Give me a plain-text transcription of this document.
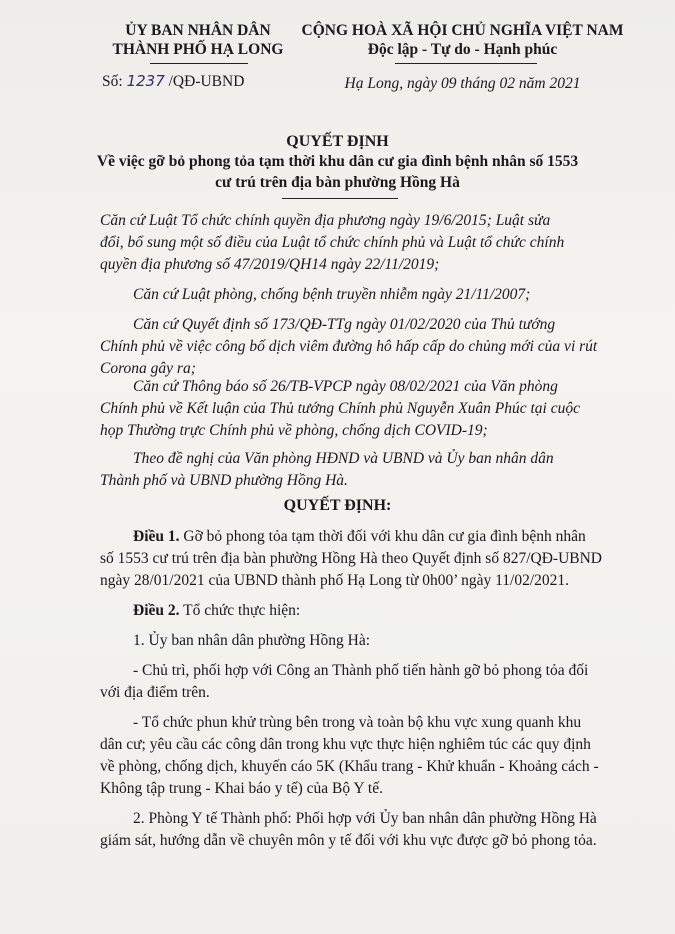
ỦY BAN NHÂN DÂN
THÀNH PHỐ HẠ LONG
Số: 1237 /QĐ-UBND
CỘNG HOÀ XÃ HỘI CHỦ NGHĨA VIỆT NAM
Độc lập - Tự do - Hạnh phúc
Hạ Long, ngày 09 tháng 02 năm 2021
QUYẾT ĐỊNH
Về việc gỡ bỏ phong tỏa tạm thời khu dân cư gia đình bệnh nhân số 1553
cư trú trên địa bàn phường Hồng Hà
Căn cứ Luật Tổ chức chính quyền địa phương ngày 19/6/2015; Luật sửa
đổi, bổ sung một số điều của Luật tổ chức chính phủ và Luật tổ chức chính
quyền địa phương số 47/2019/QH14 ngày 22/11/2019;
Căn cứ Luật phòng, chống bệnh truyền nhiễm ngày 21/11/2007;
Căn cứ Quyết định số 173/QĐ-TTg ngày 01/02/2020 của Thủ tướng
Chính phủ về việc công bố dịch viêm đường hô hấp cấp do chủng mới của vi rút
Corona gây ra;
Căn cứ Thông báo số 26/TB-VPCP ngày 08/02/2021 của Văn phòng
Chính phủ về Kết luận của Thủ tướng Chính phủ Nguyễn Xuân Phúc tại cuộc
họp Thường trực Chính phủ về phòng, chống dịch COVID-19;
Theo đề nghị của Văn phòng HĐND và UBND và Ủy ban nhân dân
Thành phố và UBND phường Hồng Hà.
QUYẾT ĐỊNH:
Điều 1. Gỡ bỏ phong tỏa tạm thời đối với khu dân cư gia đình bệnh nhân
số 1553 cư trú trên địa bàn phường Hồng Hà theo Quyết định số 827/QĐ-UBND
ngày 28/01/2021 của UBND thành phố Hạ Long từ 0h00’ ngày 11/02/2021.
Điều 2. Tổ chức thực hiện:
1. Ủy ban nhân dân phường Hồng Hà:
- Chủ trì, phối hợp với Công an Thành phố tiến hành gỡ bỏ phong tỏa đối
với địa điểm trên.
- Tổ chức phun khử trùng bên trong và toàn bộ khu vực xung quanh khu
dân cư; yêu cầu các công dân trong khu vực thực hiện nghiêm túc các quy định
về phòng, chống dịch, khuyến cáo 5K (Khẩu trang - Khử khuẩn - Khoảng cách -
Không tập trung - Khai báo y tế) của Bộ Y tế.
2. Phòng Y tế Thành phố: Phối hợp với Ủy ban nhân dân phường Hồng Hà
giám sát, hướng dẫn về chuyên môn y tế đối với khu vực được gỡ bỏ phong tỏa.
